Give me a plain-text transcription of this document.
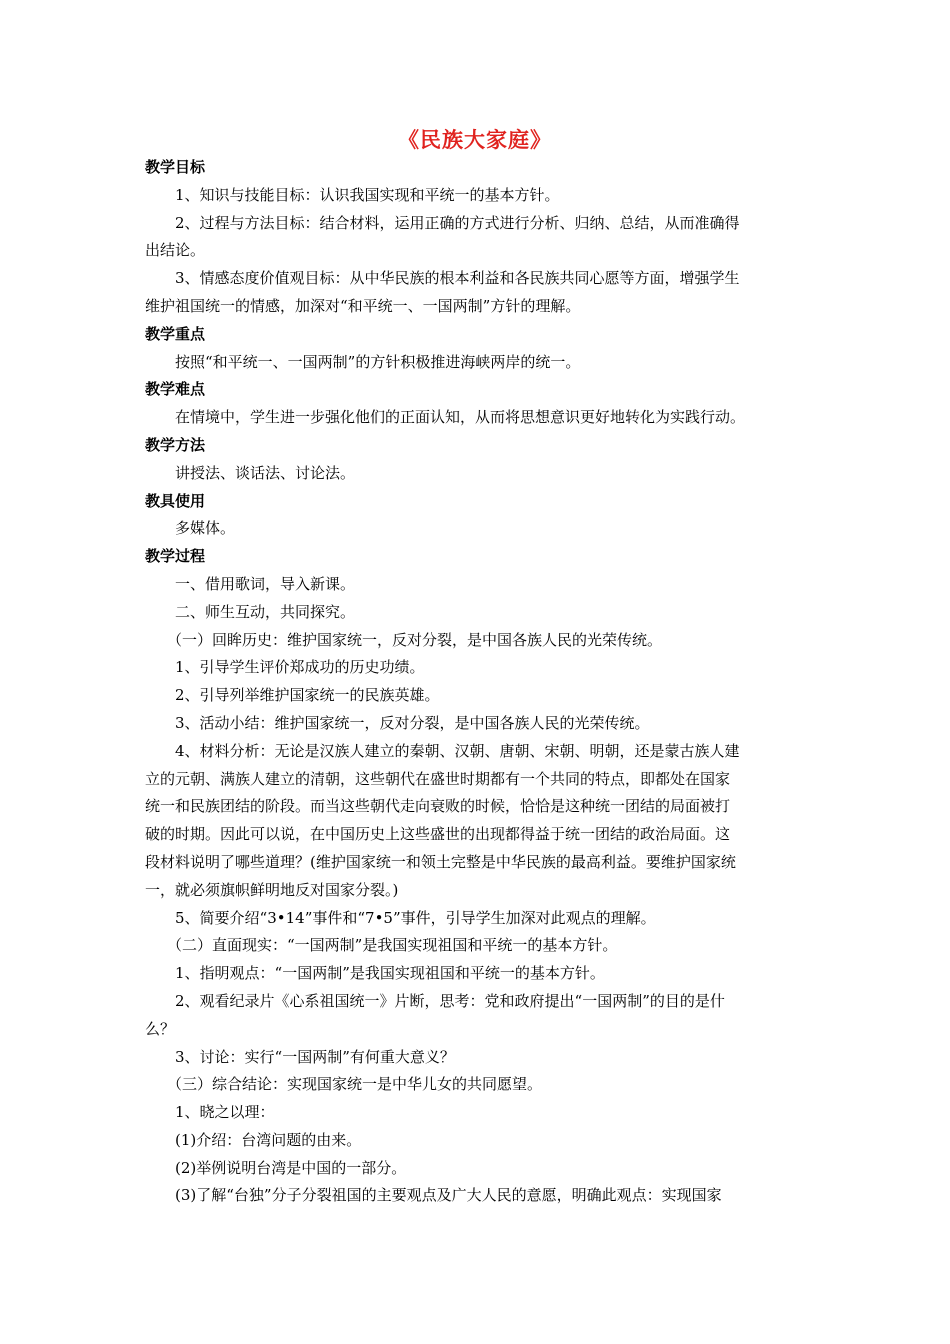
《民族大家庭》
教学目标
1、知识与技能目标：认识我国实现和平统一的基本方针。
2、过程与方法目标：结合材料，运用正确的方式进行分析、归纳、总结，从而准确得
出结论。
3、情感态度价值观目标：从中华民族的根本利益和各民族共同心愿等方面，增强学生
维护祖国统一的情感，加深对“和平统一、一国两制”方针的理解。
教学重点
按照“和平统一、一国两制”的方针积极推进海峡两岸的统一。
教学难点
在情境中，学生进一步强化他们的正面认知，从而将思想意识更好地转化为实践行动。
教学方法
讲授法、谈话法、讨论法。
教具使用
多媒体。
教学过程
一、借用歌词，导入新课。
二、师生互动，共同探究。
（一）回眸历史：维护国家统一，反对分裂，是中国各族人民的光荣传统。
1、引导学生评价郑成功的历史功绩。
2、引导列举维护国家统一的民族英雄。
3、活动小结：维护国家统一，反对分裂，是中国各族人民的光荣传统。
4、材料分析：无论是汉族人建立的秦朝、汉朝、唐朝、宋朝、明朝，还是蒙古族人建
立的元朝、满族人建立的清朝，这些朝代在盛世时期都有一个共同的特点，即都处在国家
统一和民族团结的阶段。而当这些朝代走向衰败的时候，恰恰是这种统一团结的局面被打
破的时期。因此可以说，在中国历史上这些盛世的出现都得益于统一团结的政治局面。这
段材料说明了哪些道理？(维护国家统一和领土完整是中华民族的最高利益。要维护国家统
一，就必须旗帜鲜明地反对国家分裂。)
5、简要介绍“3•14”事件和“7•5”事件，引导学生加深对此观点的理解。
（二）直面现实：“一国两制”是我国实现祖国和平统一的基本方针。
1、指明观点：“一国两制”是我国实现祖国和平统一的基本方针。
2、观看纪录片《心系祖国统一》片断，思考：党和政府提出“一国两制”的目的是什
么？
3、讨论：实行“一国两制”有何重大意义？
（三）综合结论：实现国家统一是中华儿女的共同愿望。
1、晓之以理：
(1)介绍：台湾问题的由来。
(2)举例说明台湾是中国的一部分。
(3)了解“台独”分子分裂祖国的主要观点及广大人民的意愿，明确此观点：实现国家
